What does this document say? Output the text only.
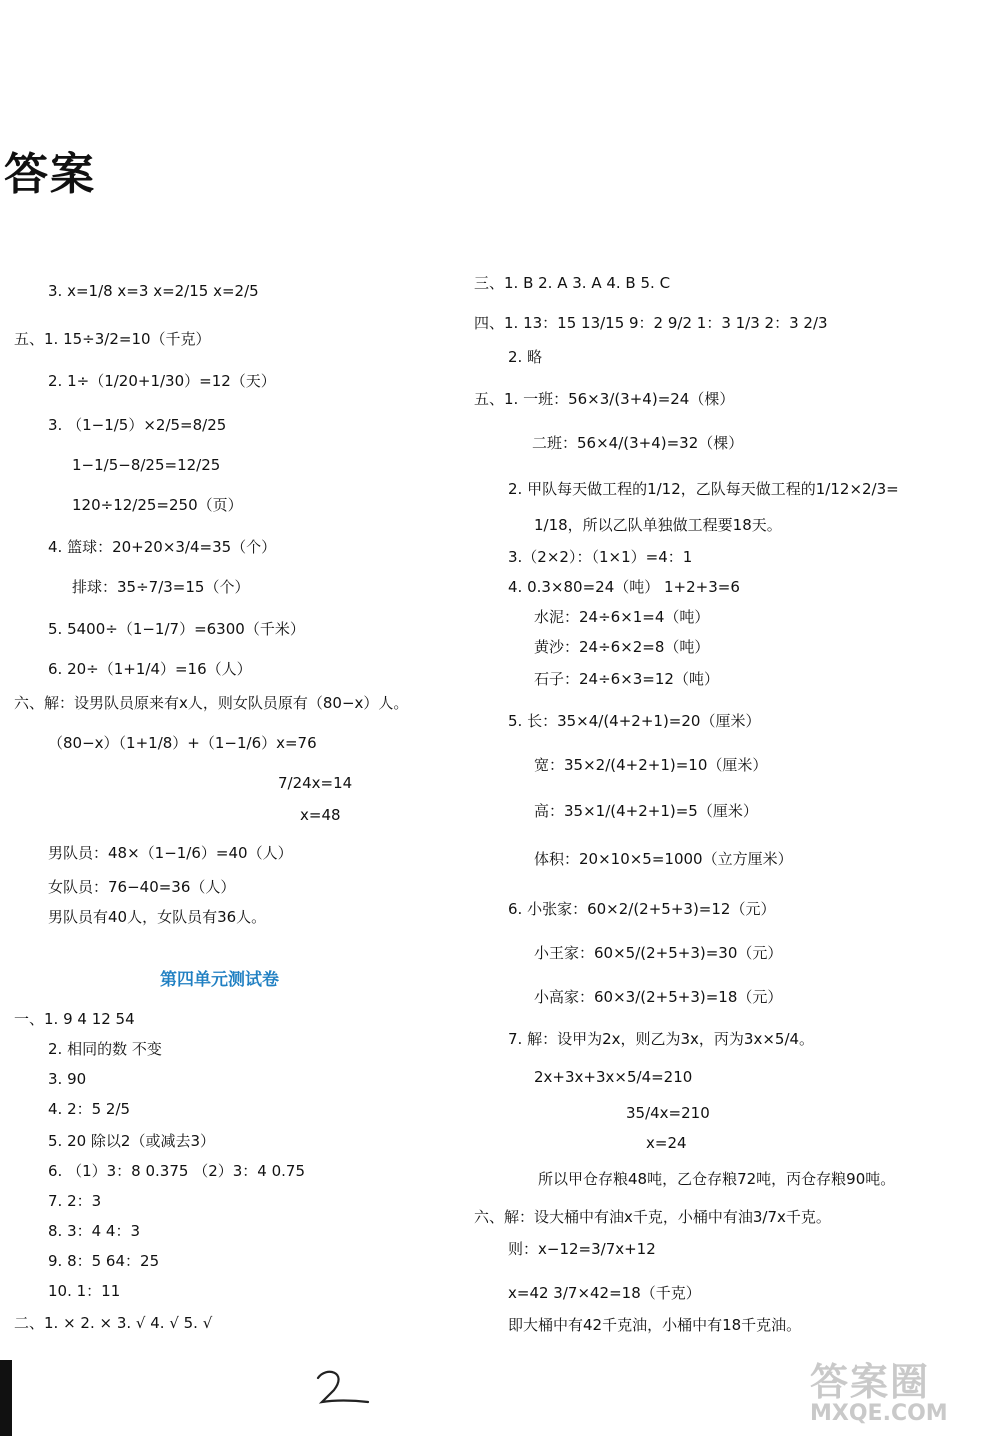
答案
3. x=1/8 x=3 x=2/15 x=2/5
五、1. 15÷3/2=10（千克）
2. 1÷（1/20+1/30）=12（天）
3. （1−1/5）×2/5=8/25
1−1/5−8/25=12/25
120÷12/25=250（页）
4. 篮球：20+20×3/4=35（个）
排球：35÷7/3=15（个）
5. 5400÷（1−1/7）=6300（千米）
6. 20÷（1+1/4）=16（人）
六、解：设男队员原来有x人，则女队员原有（80−x）人。
（80−x）（1+1/8）+（1−1/6）x=76
7/24x=14
x=48
男队员：48×（1−1/6）=40（人）
女队员：76−40=36（人）
男队员有40人，女队员有36人。
第四单元测试卷
一、1. 9 4 12 54
2. 相同的数 不变
3. 90
4. 2：5 2/5
5. 20 除以2（或减去3）
6. （1）3：8 0.375 （2）3：4 0.75
7. 2：3
8. 3：4 4：3
9. 8：5 64：25
10. 1：11
二、1. × 2. × 3. √ 4. √ 5. √
三、1. B 2. A 3. A 4. B 5. C
四、1. 13：15 13/15 9：2 9/2 1：3 1/3 2：3 2/3
2. 略
五、1. 一班：56×3/(3+4)=24（棵）
二班：56×4/(3+4)=32（棵）
2. 甲队每天做工程的1/12，乙队每天做工程的1/12×2/3=
1/18，所以乙队单独做工程要18天。
3.（2×2）：（1×1）=4：1
4. 0.3×80=24（吨） 1+2+3=6
水泥：24÷6×1=4（吨）
黄沙：24÷6×2=8（吨）
石子：24÷6×3=12（吨）
5. 长：35×4/(4+2+1)=20（厘米）
宽：35×2/(4+2+1)=10（厘米）
高：35×1/(4+2+1)=5（厘米）
体积：20×10×5=1000（立方厘米）
6. 小张家：60×2/(2+5+3)=12（元）
小王家：60×5/(2+5+3)=30（元）
小高家：60×3/(2+5+3)=18（元）
7. 解：设甲为2x，则乙为3x，丙为3x×5/4。
2x+3x+3x×5/4=210
35/4x=210
x=24
所以甲仓存粮48吨，乙仓存粮72吨，丙仓存粮90吨。
六、解：设大桶中有油x千克，小桶中有油3/7x千克。
则：x−12=3/7x+12
x=42 3/7×42=18（千克）
即大桶中有42千克油，小桶中有18千克油。
答案圈
MXQE.COM
